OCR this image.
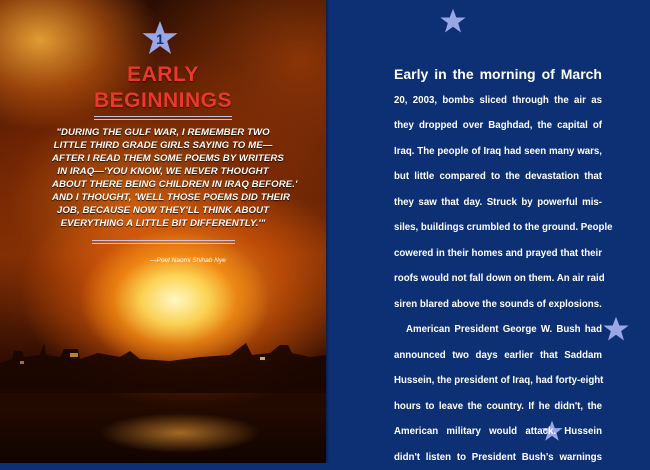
1
EARLY
BEGINNINGS

"DURING THE GULF WAR, I REMEMBER TWO
LITTLE THIRD GRADE GIRLS SAYING TO ME—
AFTER I READ THEM SOME POEMS BY WRITERS
IN IRAQ—'YOU KNOW, WE NEVER THOUGHT
ABOUT THERE BEING CHILDREN IN IRAQ BEFORE.'
AND I THOUGHT, 'WELL THOSE POEMS DID THEIR
JOB, BECAUSE NOW THEY'LL THINK ABOUT
EVERYTHING A LITTLE BIT DIFFERENTLY.'"

—Poet Naomi Shihab Nye

Early in the morning of March
20, 2003, bombs sliced through the air as
they dropped over Baghdad, the capital of
Iraq. The people of Iraq had seen many wars,
but little compared to the devastation that
they saw that day. Struck by powerful mis-
siles, buildings crumbled to the ground. People
cowered in their homes and prayed that their
roofs would not fall down on them. An air raid
siren blared above the sounds of explosions.
American President George W. Bush had
announced two days earlier that Saddam
Hussein, the president of Iraq, had forty-eight
hours to leave the country. If he didn't, the
American military would attack. Hussein
didn't listen to President Bush's warnings
